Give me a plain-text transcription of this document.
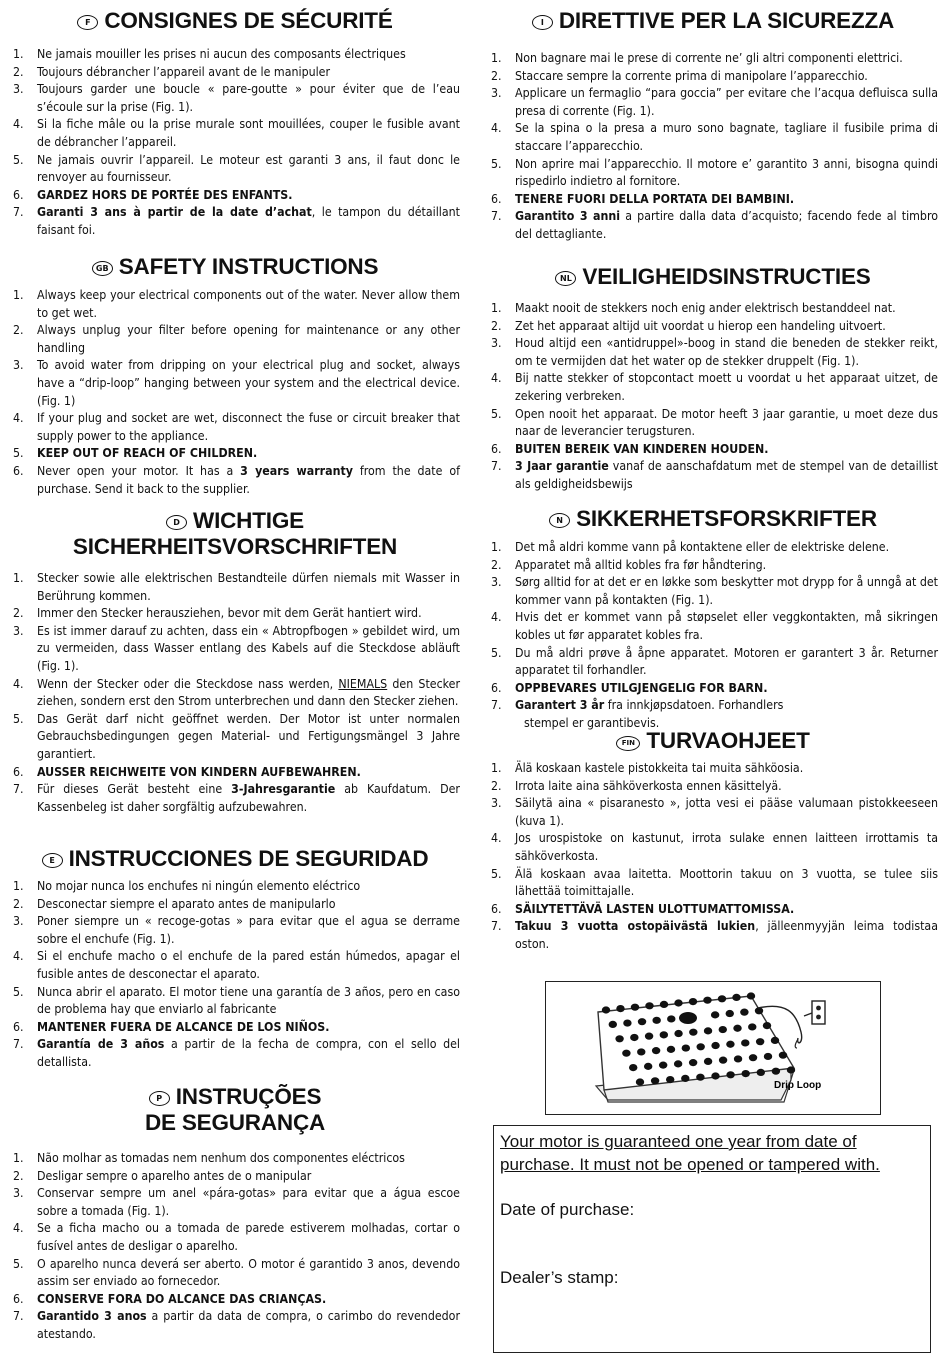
F CONSIGNES DE SÉCURITÉ
1. Ne jamais mouiller les prises ni aucun des composants électriques
2. Toujours débrancher l’appareil avant de le manipuler
3. Toujours garder une boucle « pare-goutte » pour éviter que de l’eau s’écoule sur la prise (Fig. 1).
4. Si la fiche mâle ou la prise murale sont mouillées, couper le fusible avant de débrancher l’appareil.
5. Ne jamais ouvrir l’appareil. Le moteur est garanti 3 ans, il faut donc le renvoyer au fournisseur.
6. GARDEZ HORS DE PORTÉE DES ENFANTS.
7. Garanti 3 ans à partir de la date d’achat, le tampon du détaillant faisant foi.
GB SAFETY INSTRUCTIONS
1. Always keep your electrical components out of the water. Never allow them to get wet.
2. Always unplug your filter before opening for maintenance or any other handling
3. To avoid water from dripping on your electrical plug and socket, always have a “drip-loop” hanging between your system and the electrical device. (Fig. 1)
4. If your plug and socket are wet, disconnect the fuse or circuit breaker that supply power to the appliance.
5. KEEP OUT OF REACH OF CHILDREN.
6. Never open your motor. It has a 3 years warranty from the date of purchase. Send it back to the supplier.
D WICHTIGE
SICHERHEITSVORSCHRIFTEN
1. Stecker sowie alle elektrischen Bestandteile dürfen niemals mit Wasser in Berührung kommen.
2. Immer den Stecker herausziehen, bevor mit dem Gerät hantiert wird.
3. Es ist immer darauf zu achten, dass ein « Abtropfbogen » gebildet wird, um zu vermeiden, dass Wasser entlang des Kabels auf die Steckdose abläuft (Fig. 1).
4. Wenn der Stecker oder die Steckdose nass werden, NIEMALS den Stecker ziehen, sondern erst den Strom unterbrechen und dann den Stecker ziehen.
5. Das Gerät darf nicht geöffnet werden. Der Motor ist unter normalen Gebrauchsbedingungen gegen Material- und Fertigungsmängel 3 Jahre garantiert.
6. AUSSER REICHWEITE VON KINDERN AUFBEWAHREN.
7. Für dieses Gerät besteht eine 3-Jahresgarantie ab Kaufdatum. Der Kassenbeleg ist daher sorgfältig aufzubewahren.
E INSTRUCCIONES DE SEGURIDAD
1. No mojar nunca los enchufes ni ningún elemento eléctrico
2. Desconectar siempre el aparato antes de manipularlo
3. Poner siempre un « recoge-gotas » para evitar que el agua se derrame sobre el enchufe (Fig. 1).
4. Si el enchufe macho o el enchufe de la pared están húmedos, apagar el fusible antes de desconectar el aparato.
5. Nunca abrir el aparato. El motor tiene una garantía de 3 años, pero en caso de problema hay que enviarlo al fabricante
6. MANTENER FUERA DE ALCANCE DE LOS NIÑOS.
7. Garantía de 3 años a partir de la fecha de compra, con el sello del detallista.
P INSTRUÇÕES
DE SEGURANÇA
1. Não molhar as tomadas nem nenhum dos componentes eléctricos
2. Desligar sempre o aparelho antes de o manipular
3. Conservar sempre um anel «pára-gotas» para evitar que a água escoe sobre a tomada (Fig. 1).
4. Se a ficha macho ou a tomada de parede estiverem molhadas, cortar o fusível antes de desligar o aparelho.
5. O aparelho nunca deverá ser aberto. O motor é garantido 3 anos, devendo assim ser enviado ao fornecedor.
6. CONSERVE FORA DO ALCANCE DAS CRIANÇAS.
7. Garantido 3 anos a partir da data de compra, o carimbo do revendedor atestando.
Drip Loop
Your motor is guaranteed one year from date of
purchase. It must not be opened or tampered with.
Date of purchase:
Dealer’s stamp:
I DIRETTIVE PER LA SICUREZZA
1. Non bagnare mai le prese di corrente ne’ gli altri componenti elettrici.
2. Staccare sempre la corrente prima di manipolare l’apparecchio.
3. Applicare un fermaglio “para goccia” per evitare che l’acqua defluisca sulla presa di corrente (Fig. 1).
4. Se la spina o la presa a muro sono bagnate, tagliare il fusibile prima di staccare l’apparecchio.
5. Non aprire mai l’apparecchio. Il motore e’ garantito 3 anni, bisogna quindi rispedirlo indietro al fornitore.
6. TENERE FUORI DELLA PORTATA DEI BAMBINI.
7. Garantito 3 anni a partire dalla data d’acquisto; facendo fede al timbro del dettagliante.
NL VEILIGHEIDSINSTRUCTIES
1. Maakt nooit de stekkers noch enig ander elektrisch bestanddeel nat.
2. Zet het apparaat altijd uit voordat u hierop een handeling uitvoert.
3. Houd altijd een «antidruppel»-boog in stand die beneden de stekker reikt, om te vermijden dat het water op de stekker druppelt (Fig. 1).
4. Bij natte stekker of stopcontact moett u voordat u het apparaat uitzet, de zekering verbreken.
5. Open nooit het apparaat. De motor heeft 3 jaar garantie, u moet deze dus naar de leverancier terugsturen.
6. BUITEN BEREIK VAN KINDEREN HOUDEN.
7. 3 Jaar garantie vanaf de aanschafdatum met de stempel van de detaillist als geldigheidsbewijs
N SIKKERHETSFORSKRIFTER
1. Det må aldri komme vann på kontaktene eller de elektriske delene.
2. Apparatet må alltid kobles fra før håndtering.
3. Sørg alltid for at det er en løkke som beskytter mot drypp for å unngå at det kommer vann på kontakten (Fig. 1).
4. Hvis det er kommet vann på støpselet eller veggkontakten, må sikringen kobles ut før apparatet kobles fra.
5. Du må aldri prøve å åpne apparatet. Motoren er garantert 3 år. Returner apparatet til forhandler.
6. OPPBEVARES UTILGJENGELIG FOR BARN.
7. Garantert 3 år fra innkjøpsdatoen. Forhandlers
stempel er garantibevis.
FIN TURVAOHJEET
1. Älä koskaan kastele pistokkeita tai muita sähköosia.
2. Irrota laite aina sähköverkosta ennen käsittelyä.
3. Säilytä aina « pisaranesto », jotta vesi ei pääse valumaan pistokkeeseen (kuva 1).
4. Jos urospistoke on kastunut, irrota sulake ennen laitteen irrottamis ta sähköverkosta.
5. Älä koskaan avaa laitetta. Moottorin takuu on 3 vuotta, se tulee siis lähettää toimittajalle.
6. SÄILYTETTÄVÄ LASTEN ULOTTUMATTOMISSA.
7. Takuu 3 vuotta ostopäivästä lukien, jälleenmyyjän leima todistaa oston.
